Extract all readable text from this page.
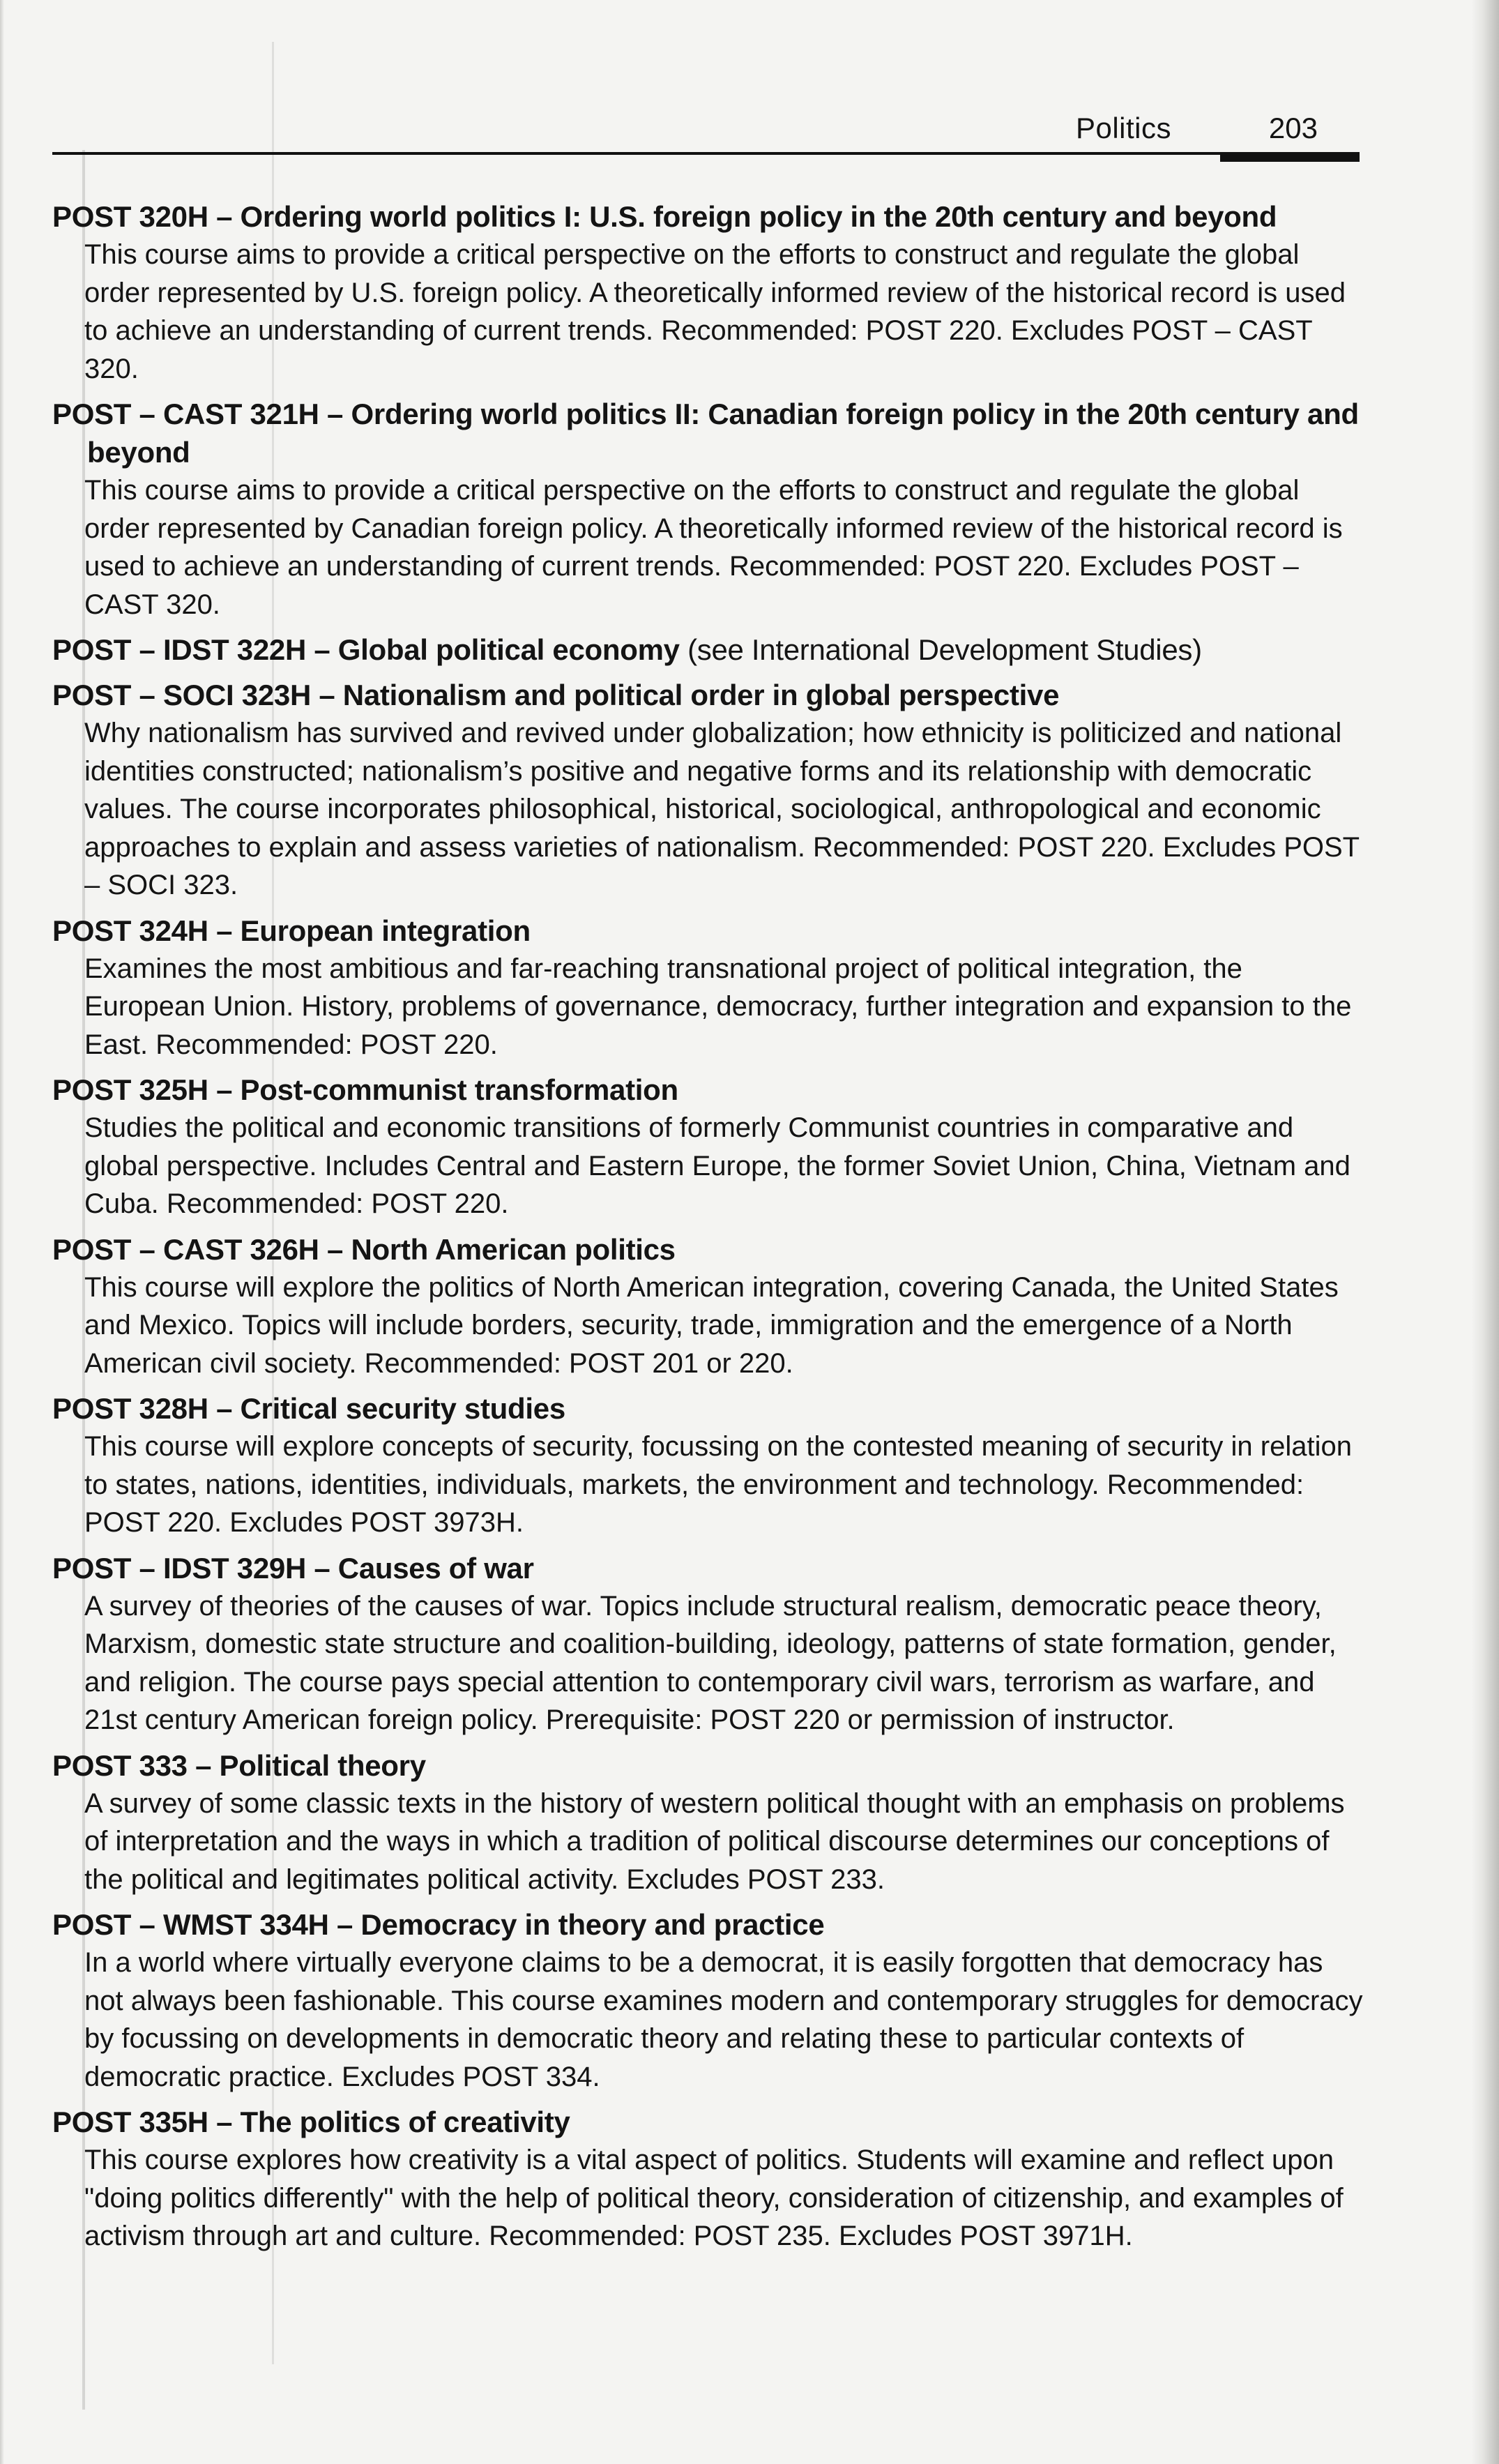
Politics	203
POST 320H – Ordering world politics I: U.S. foreign policy in the 20th century and beyond
This course aims to provide a critical perspective on the efforts to construct and regulate the global order represented by U.S. foreign policy. A theoretically informed review of the historical record is used to achieve an understanding of current trends. Recommended: POST 220. Excludes POST – CAST 320.
POST – CAST 321H – Ordering world politics II: Canadian foreign policy in the 20th century and beyond
This course aims to provide a critical perspective on the efforts to construct and regulate the global order represented by Canadian foreign policy. A theoretically informed review of the historical record is used to achieve an understanding of current trends. Recommended: POST 220. Excludes POST – CAST 320.
POST – IDST 322H – Global political economy (see International Development Studies)
POST – SOCI 323H – Nationalism and political order in global perspective
Why nationalism has survived and revived under globalization; how ethnicity is politicized and national identities constructed; nationalism’s positive and negative forms and its relationship with democratic values. The course incorporates philosophical, historical, sociological, anthropological and economic approaches to explain and assess varieties of nationalism. Recommended: POST 220. Excludes POST – SOCI 323.
POST 324H – European integration
Examines the most ambitious and far-reaching transnational project of political integration, the European Union. History, problems of governance, democracy, further integration and expansion to the East. Recommended: POST 220.
POST 325H – Post-communist transformation
Studies the political and economic transitions of formerly Communist countries in comparative and global perspective. Includes Central and Eastern Europe, the former Soviet Union, China, Vietnam and Cuba. Recommended: POST 220.
POST – CAST 326H – North American politics
This course will explore the politics of North American integration, covering Canada, the United States and Mexico. Topics will include borders, security, trade, immigration and the emergence of a North American civil society. Recommended: POST 201 or 220.
POST 328H – Critical security studies
This course will explore concepts of security, focussing on the contested meaning of security in relation to states, nations, identities, individuals, markets, the environment and technology. Recommended: POST 220. Excludes POST 3973H.
POST – IDST 329H – Causes of war
A survey of theories of the causes of war. Topics include structural realism, democratic peace theory, Marxism, domestic state structure and coalition-building, ideology, patterns of state formation, gender, and religion. The course pays special attention to contemporary civil wars, terrorism as warfare, and 21st century American foreign policy. Prerequisite: POST 220 or permission of instructor.
POST 333 – Political theory
A survey of some classic texts in the history of western political thought with an emphasis on problems of interpretation and the ways in which a tradition of political discourse determines our conceptions of the political and legitimates political activity. Excludes POST 233.
POST – WMST 334H – Democracy in theory and practice
In a world where virtually everyone claims to be a democrat, it is easily forgotten that democracy has not always been fashionable. This course examines modern and contemporary struggles for democracy by focussing on developments in democratic theory and relating these to particular contexts of democratic practice. Excludes POST 334.
POST 335H – The politics of creativity
This course explores how creativity is a vital aspect of politics. Students will examine and reflect upon "doing politics differently" with the help of political theory, consideration of citizenship, and examples of activism through art and culture. Recommended: POST 235. Excludes POST 3971H.
